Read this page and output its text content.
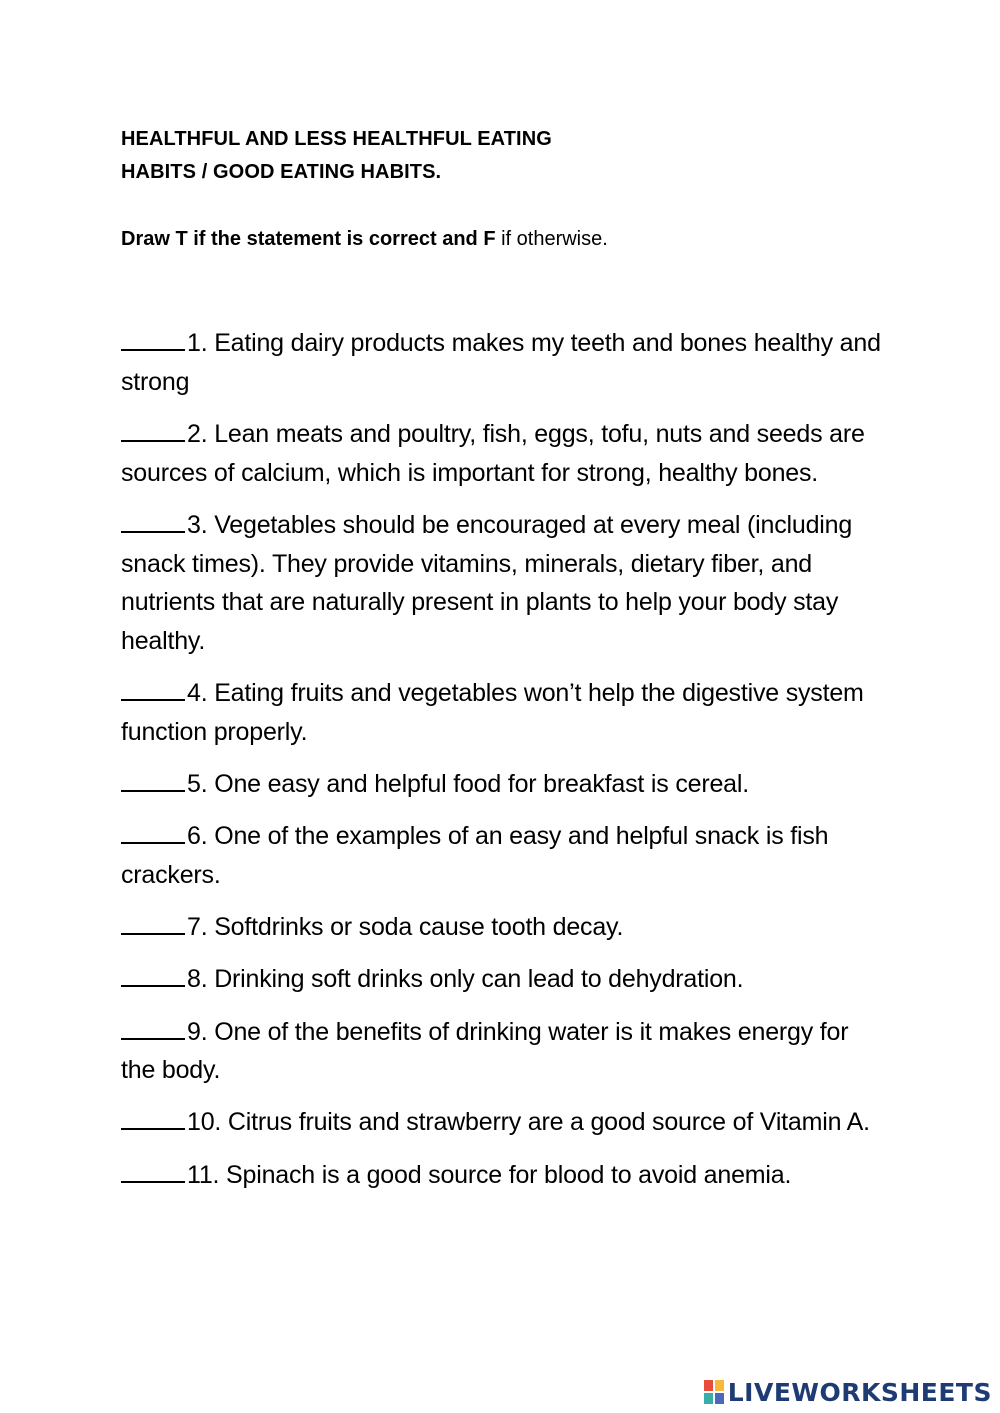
HEALTHFUL AND LESS HEALTHFUL EATING
HABITS / GOOD EATING HABITS.
Draw T if the statement is correct and F if otherwise.
1. Eating dairy products makes my teeth and bones healthy and strong
2. Lean meats and poultry, fish, eggs, tofu, nuts and seeds are sources of calcium, which is important for strong, healthy bones.
3. Vegetables should be encouraged at every meal (including snack times). They provide vitamins, minerals, dietary fiber, and nutrients that are naturally present in plants to help your body stay healthy.
4. Eating fruits and vegetables won’t help the digestive system function properly.
5. One easy and helpful food for breakfast is cereal.
6. One of the examples of an easy and helpful snack is fish crackers.
7. Softdrinks or soda cause tooth decay.
8. Drinking soft drinks only can lead to dehydration.
9. One of the benefits of drinking water is it makes energy for the body.
10. Citrus fruits and strawberry are a good source of Vitamin A.
11. Spinach is a good source for blood to avoid anemia.
LIVEWORKSHEETS
